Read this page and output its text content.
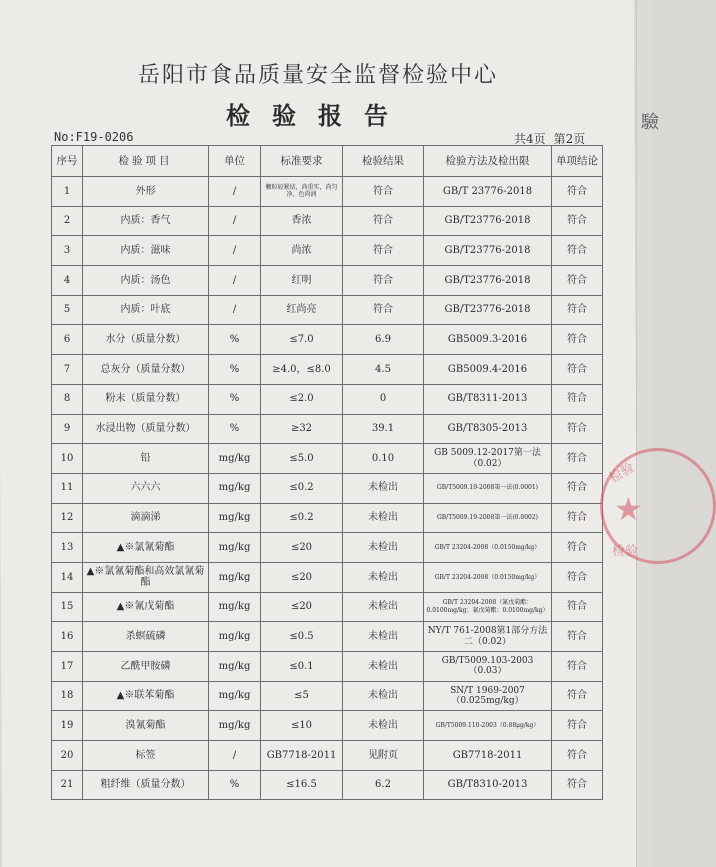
驗
岳阳市食品质量安全监督检验中心
检验报告
No:F19-0206	共4页 第2页
序号	检验项目	单位	标准要求	检验结果	检验方法及检出限	单项结论
1	外形	/	颗粒较紧结，尚重实，尚匀净，色尚润	符合	GB/T 23776-2018	符合
2	内质：香气	/	香浓	符合	GB/T23776-2018	符合
3	内质：滋味	/	尚浓	符合	GB/T23776-2018	符合
4	内质：汤色	/	红明	符合	GB/T23776-2018	符合
5	内质：叶底	/	红尚亮	符合	GB/T23776-2018	符合
6	水分（质量分数）	%	≤7.0	6.9	GB5009.3-2016	符合
7	总灰分（质量分数）	%	≥4.0，≤8.0	4.5	GB5009.4-2016	符合
8	粉末（质量分数）	%	≤2.0	0	GB/T8311-2013	符合
9	水浸出物（质量分数）	%	≥32	39.1	GB/T8305-2013	符合
10	铅	mg/kg	≤5.0	0.10	GB 5009.12-2017第一法（0.02）	符合
11	六六六	mg/kg	≤0.2	未检出	GB/T5009.19-2008第一法(0.0001)	符合
12	滴滴涕	mg/kg	≤0.2	未检出	GB/T5009.19-2008第一法(0.0002)	符合
13	▲※氯氰菊酯	mg/kg	≤20	未检出	GB/T 23204-2008（0.0150mg/kg）	符合
14	▲※氯氰菊酯和高效氯氰菊酯	mg/kg	≤20	未检出	GB/T 23204-2008（0.0150mg/kg）	符合
15	▲※氰戊菊酯	mg/kg	≤20	未检出	GB/T 23204-2008（氰戊菊酯：0.0100mg/kg；氰戊菊酯：0.0100mg/kg）	符合
16	杀螟硫磷	mg/kg	≤0.5	未检出	NY/T 761-2008第1部分方法二（0.02）	符合
17	乙酰甲胺磷	mg/kg	≤0.1	未检出	GB/T5009.103-2003（0.03）	符合
18	▲※联苯菊酯	mg/kg	≤5	未检出	SN/T 1969-2007（0.025mg/kg）	符合
19	溴氰菊酯	mg/kg	≤10	未检出	GB/T5009.110-2003（0.88μg/kg）	符合
20	标签	/	GB7718-2011	见附页	GB7718-2011	符合
21	粗纤维（质量分数）	%	≤16.5	6.2	GB/T8310-2013	符合
检验
★
检验
